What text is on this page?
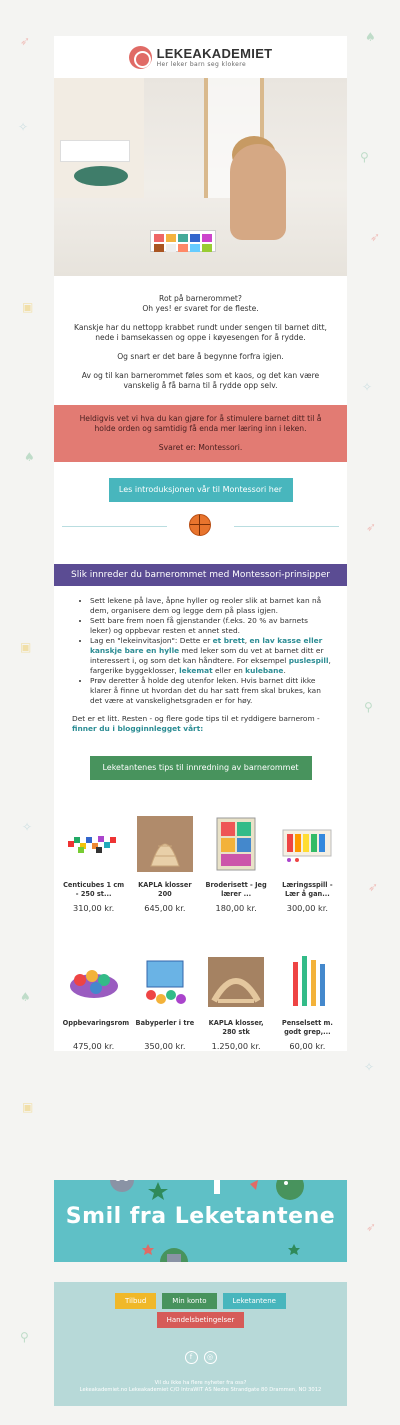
➶	♠
✧
➶
⚲
▣
✧
♠
➶
▣
⚲
✧
➶
♠
▣
✧
➶
⚲
LEKEAKADEMIET
Her leker barn seg klokere

Rot på barnerommet?
Oh yes! er svaret for de fleste.

Kanskje har du nettopp krabbet rundt under sengen til barnet ditt, nede i bamsekassen og oppe i køyesengen for å rydde.

Og snart er det bare å begynne forfra igjen.

Av og til kan barnerommet føles som et kaos, og det kan være vanskelig å få barna til å rydde opp selv.

Heldigvis vet vi hva du kan gjøre for å stimulere barnet ditt til å holde orden og samtidig få enda mer læring inn i leken.

Svaret er: Montessori.

Les introduksjonen vår til Montessori her
Slik innreder du barnerommet med Montessori-prinsipper
• Sett lekene på lave, åpne hyller og reoler slik at barnet kan nå dem, organisere dem og legge dem på plass igjen.
• Sett bare frem noen få gjenstander (f.eks. 20 % av barnets leker) og oppbevar resten et annet sted.
• Lag en "lekeinvitasjon": Dette er et brett, en lav kasse eller kanskje bare en hylle med leker som du vet at barnet ditt er interessert i, og som det kan håndtere. For eksempel puslespill, fargerike byggeklosser, lekemat eller en kulebane.
• Prøv deretter å holde deg utenfor leken. Hvis barnet ditt ikke klarer å finne ut hvordan det du har satt frem skal brukes, kan det være at vanskelighetsgraden er for høy.
Det er et litt. Resten - og flere gode tips til et ryddigere barnerom - finner du i blogginnlegget vårt:
Leketantenes tips til innredning av barnerommet
Centicubes 1 cm - 250 st...
310,00 kr.
KAPLA klosser 200
645,00 kr.
Broderisett - Jeg lærer ...
180,00 kr.
Læringsspill - Lær å gan...
300,00 kr.
Oppbevaringsrom
475,00 kr.
Babyperler i tre
350,00 kr.
KAPLA klosser, 280 stk
1.250,00 kr.
Penselsett m. godt grep,...
60,00 kr.
Smil fra Leketantene
Tilbud	Min konto	Leketantene
Handelsbetingelser
f	◎
Vil du ikke ha flere nyheter fra oss?
Lekeakademiet.no Lekeakademiet C/O IntraWIT AS Nedre Strandgate 80 Drammen, NO 3012
